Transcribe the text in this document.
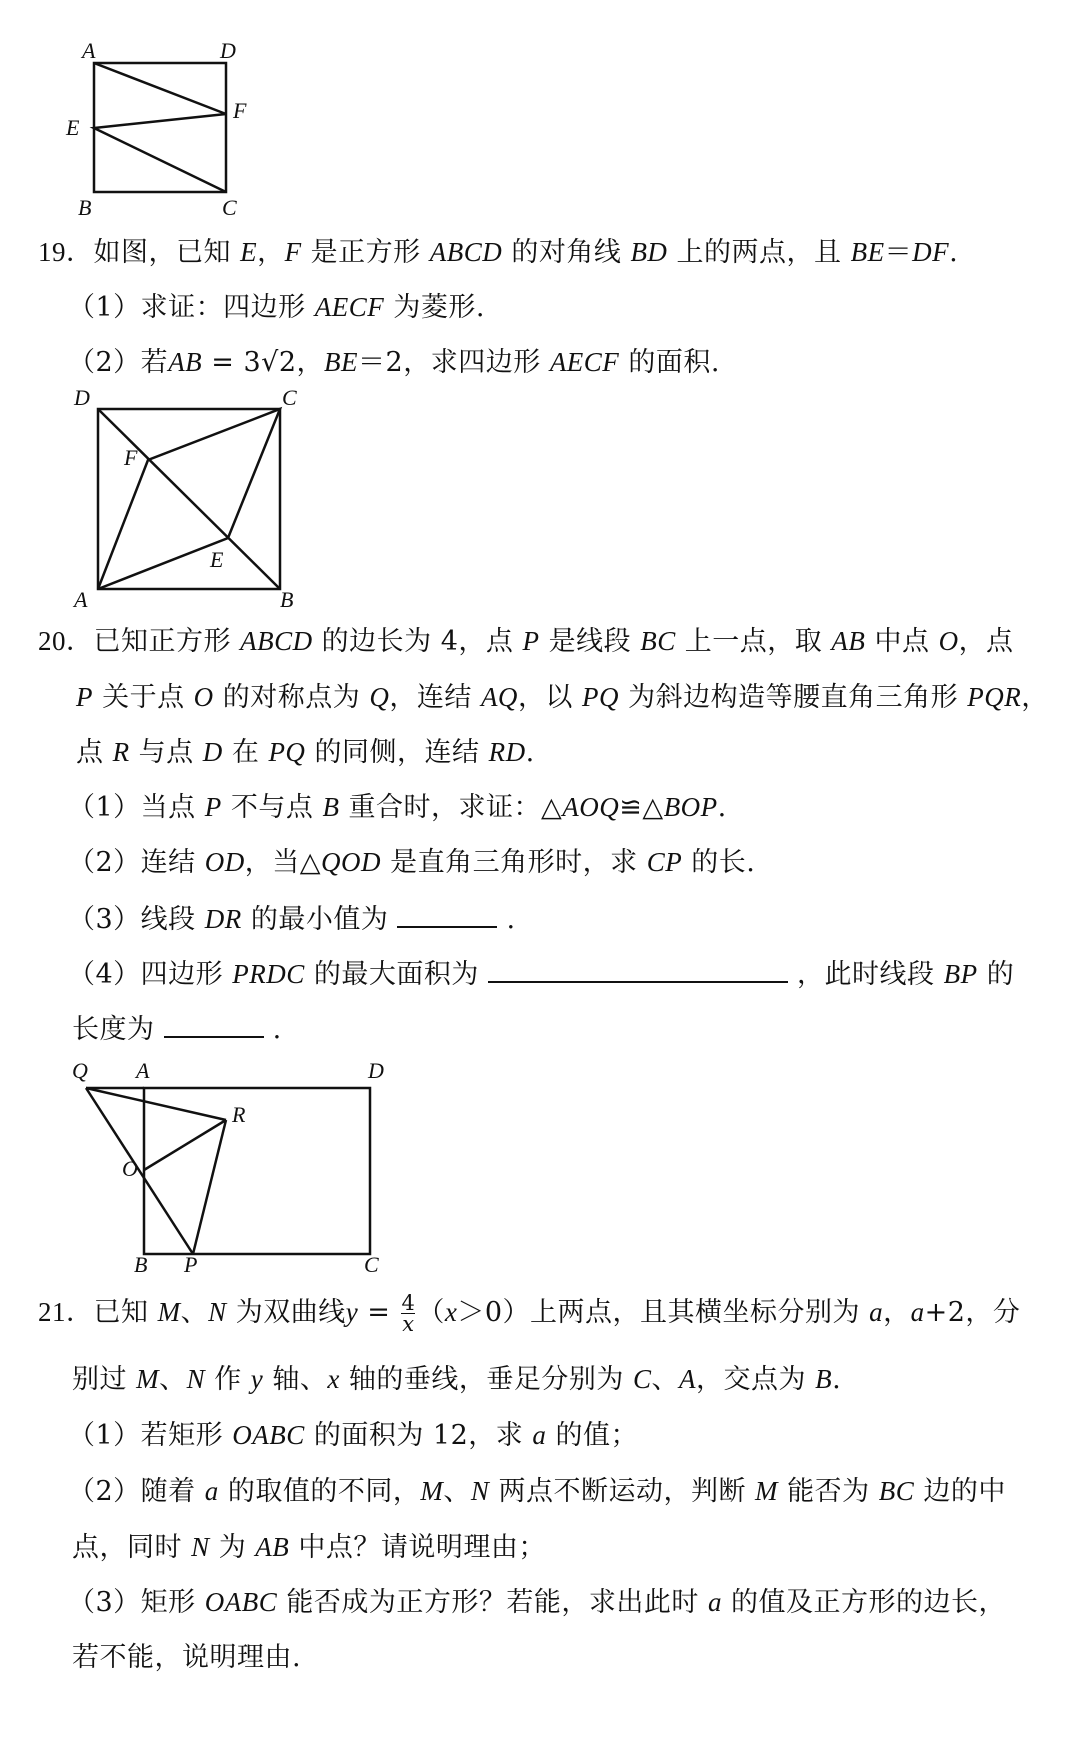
A	D
F
E
B	C
19．如图，已知 E，F 是正方形 ABCD 的对角线 BD 上的两点，且 BE＝DF.
（1）求证：四边形 AECF 为菱形.
（2）若AB = 3√2，BE＝2，求四边形 AECF 的面积.
D	C
F
E
A	B
20．已知正方形 ABCD 的边长为 4，点 P 是线段 BC 上一点，取 AB 中点 O，点
P 关于点 O 的对称点为 Q，连结 AQ，以 PQ 为斜边构造等腰直角三角形 PQR，
点 R 与点 D 在 PQ 的同侧，连结 RD.
（1）当点 P 不与点 B 重合时，求证：△AOQ≌△BOP.
（2）连结 OD，当△QOD 是直角三角形时，求 CP 的长.
（3）线段 DR 的最小值为	.
（4）四边形 PRDC 的最大面积为	，此时线段 BP 的
长度为	.
Q A	D
R
O
B P	C
21．已知 M、N 为双曲线$y = \frac{4}{x} (x>0)$上两点，且其横坐标分别为 a，a+2，分
别过 M、N 作 y 轴、x 轴的垂线，垂足分别为 C、A，交点为 B.
（1）若矩形 OABC 的面积为 12，求 a 的值；
（2）随着 a 的取值的不同，M、N 两点不断运动，判断 M 能否为 BC 边的中
点，同时 N 为 AB 中点？请说明理由；
（3）矩形 OABC 能否成为正方形？若能，求出此时 a 的值及正方形的边长，
若不能，说明理由.
